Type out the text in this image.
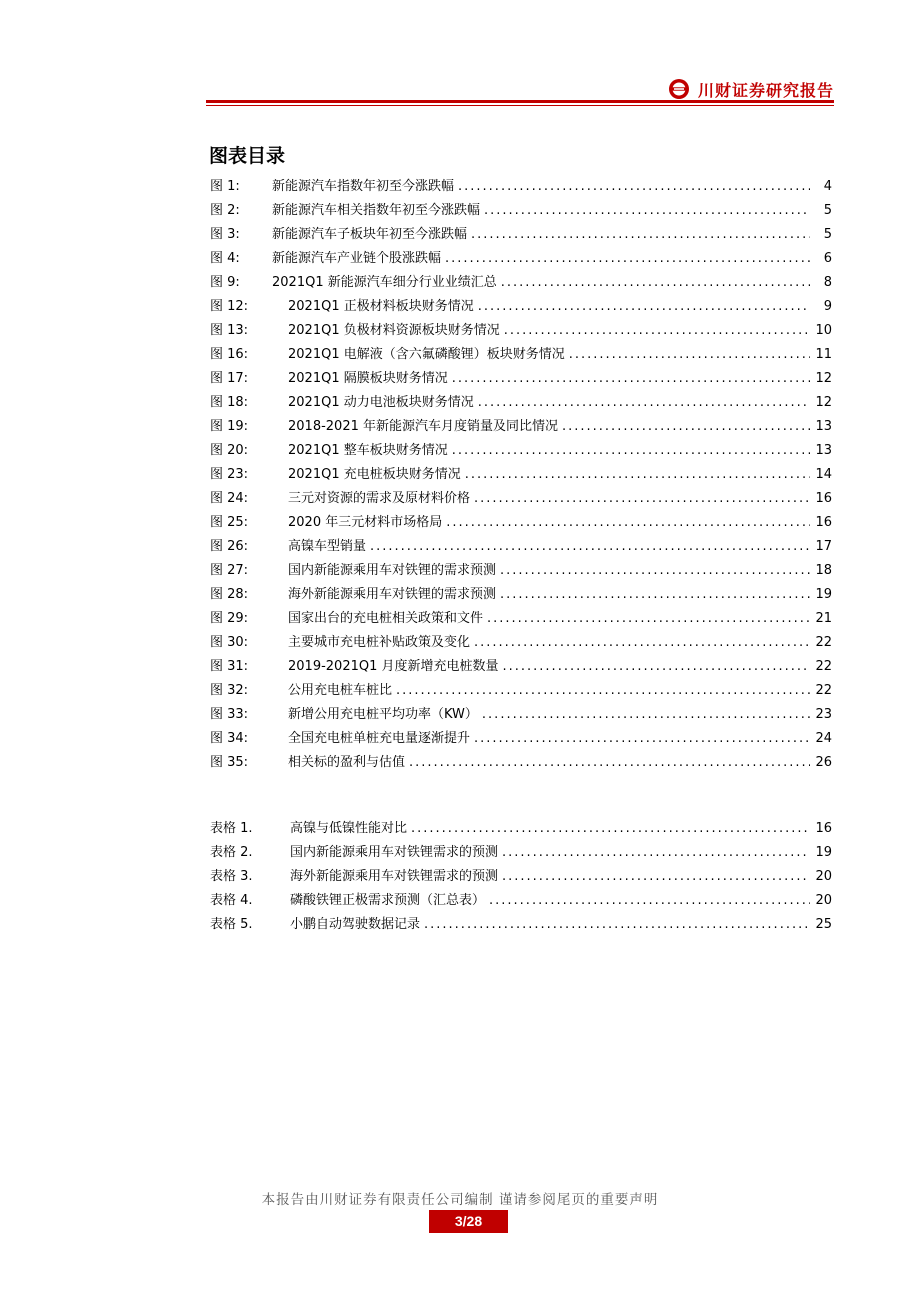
川财证券研究报告
图表目录
图 1:	新能源汽车指数年初至今涨跌幅 .....	4
图 2:	新能源汽车相关指数年初至今涨跌幅 .....	5
图 3:	新能源汽车子板块年初至今涨跌幅 .....	5
图 4:	新能源汽车产业链个股涨跌幅 .....	6
图 9:	2021Q1 新能源汽车细分行业业绩汇总 .....	8
图 12:	2021Q1 正极材料板块财务情况 .....	9
图 13:	2021Q1 负极材料资源板块财务情况 .....	10
图 16:	2021Q1 电解液（含六氟磷酸锂）板块财务情况 .....	11
图 17:	2021Q1 隔膜板块财务情况 .....	12
图 18:	2021Q1 动力电池板块财务情况 .....	12
图 19:	2018-2021 年新能源汽车月度销量及同比情况 .....	13
图 20:	2021Q1 整车板块财务情况 .....	13
图 23:	2021Q1 充电桩板块财务情况 .....	14
图 24:	三元对资源的需求及原材料价格 .....	16
图 25:	2020 年三元材料市场格局 .....	16
图 26:	高镍车型销量 .....	17
图 27:	国内新能源乘用车对铁锂的需求预测 .....	18
图 28:	海外新能源乘用车对铁锂的需求预测 .....	19
图 29:	国家出台的充电桩相关政策和文件 .....	21
图 30:	主要城市充电桩补贴政策及变化 .....	22
图 31:	2019-2021Q1 月度新增充电桩数量 .....	22
图 32:	公用充电桩车桩比 .....	22
图 33:	新增公用充电桩平均功率（KW） .....	23
图 34:	全国充电桩单桩充电量逐渐提升 .....	24
图 35:	相关标的盈利与估值 .....	26
表格 1.	高镍与低镍性能对比 .....	16
表格 2.	国内新能源乘用车对铁锂需求的预测 .....	19
表格 3.	海外新能源乘用车对铁锂需求的预测 .....	20
表格 4.	磷酸铁锂正极需求预测（汇总表） .....	20
表格 5.	小鹏自动驾驶数据记录 .....	25
本报告由川财证券有限责任公司编制 谨请参阅尾页的重要声明
3/28
